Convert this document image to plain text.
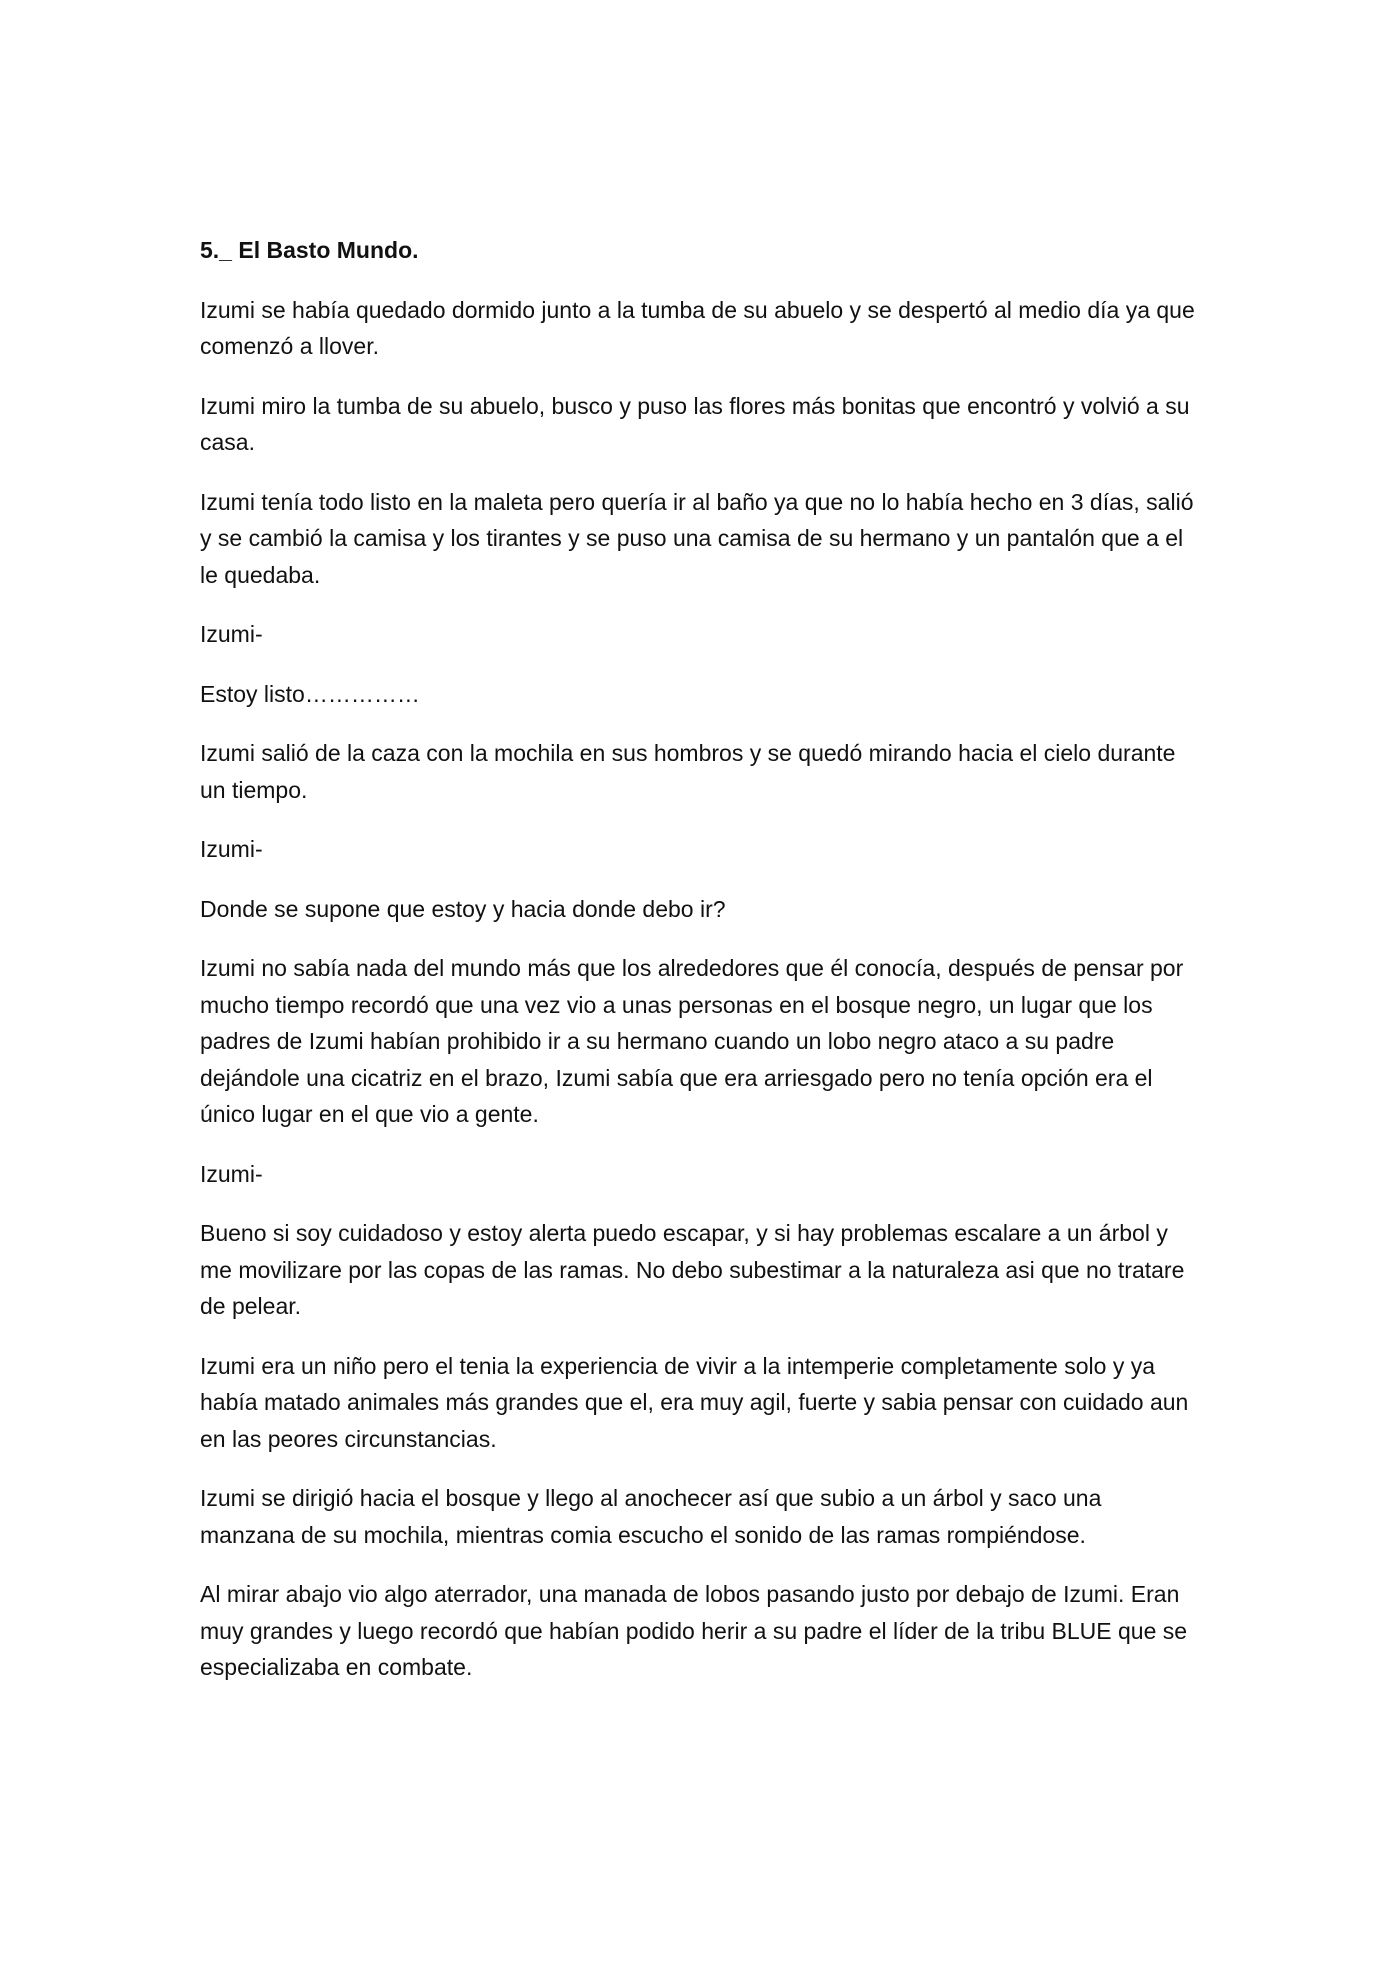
5._ El Basto Mundo.

Izumi se había quedado dormido junto a la tumba de su abuelo y se despertó al medio día ya que comenzó a llover.

Izumi miro la tumba de su abuelo, busco y puso las flores más bonitas que encontró y volvió a su casa.

Izumi tenía todo listo en la maleta pero quería ir al baño ya que no lo había hecho en 3 días, salió y se cambió la camisa y los tirantes y se puso una camisa de su hermano y un pantalón que a el le quedaba.

Izumi-

Estoy listo……………

Izumi salió de la caza con la mochila en sus hombros y se quedó mirando hacia el cielo durante un tiempo.

Izumi-

Donde se supone que estoy y hacia donde debo ir?

Izumi no sabía nada del mundo más que los alrededores que él conocía, después de pensar por mucho tiempo recordó que una vez vio a unas personas en el bosque negro, un lugar que los padres de Izumi habían prohibido ir a su hermano cuando un lobo negro ataco a su padre dejándole una cicatriz en el brazo, Izumi sabía que era arriesgado pero no tenía opción era el único lugar en el que vio a gente.

Izumi-

Bueno si soy cuidadoso y estoy alerta puedo escapar, y si hay problemas escalare a un árbol y me movilizare por las copas de las ramas. No debo subestimar a la naturaleza asi que no tratare de pelear.

Izumi era un niño pero el tenia la experiencia de vivir a la intemperie completamente solo y ya había matado animales más grandes que el, era muy agil, fuerte y sabia pensar con cuidado aun en las peores circunstancias.

Izumi se dirigió hacia el bosque y llego al anochecer así que subio a un árbol y saco una manzana de su mochila, mientras comia escucho el sonido de las ramas rompiéndose.

Al mirar abajo vio algo aterrador, una manada de lobos pasando justo por debajo de Izumi. Eran muy grandes y luego recordó que habían podido herir a su padre el líder de la tribu BLUE que se especializaba en combate.
